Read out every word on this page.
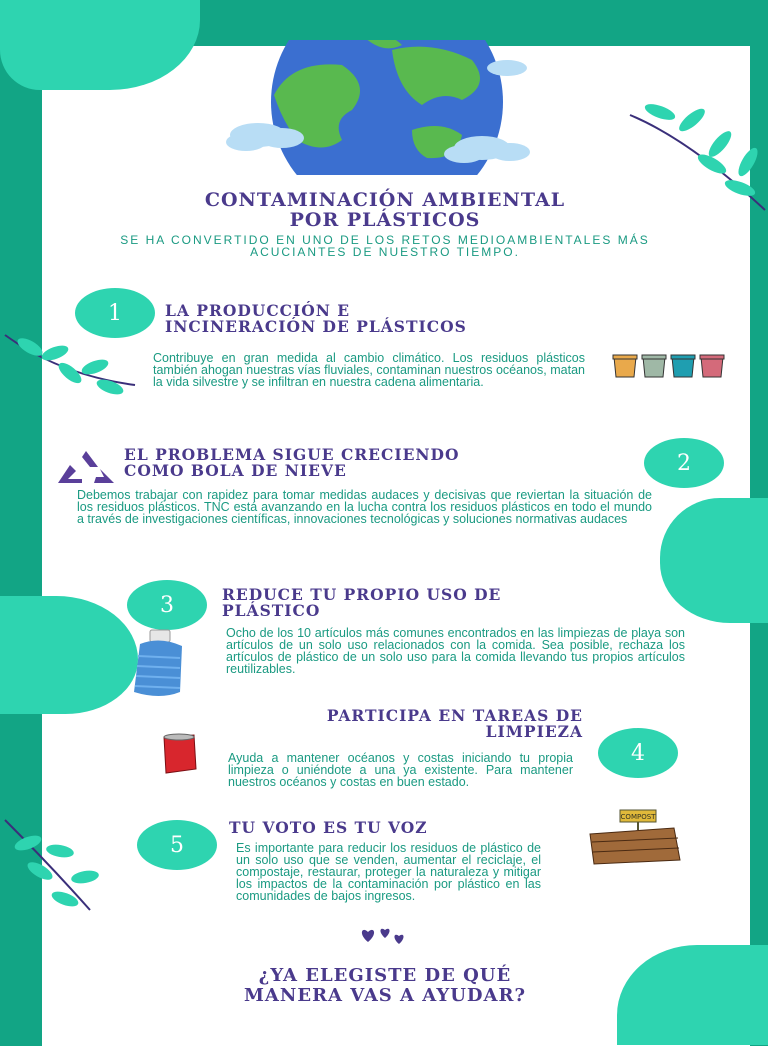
CONTAMINACIÓN AMBIENTAL
POR PLÁSTICOS

SE HA CONVERTIDO EN UNO DE LOS RETOS MEDIOAMBIENTALES MÁS ACUCIANTES DE NUESTRO TIEMPO.

1	LA PRODUCCIÓN E
INCINERACIÓN DE PLÁSTICOS

Contribuye en gran medida al cambio climático. Los residuos plásticos también ahogan nuestras vías fluviales, contaminan nuestros océanos, matan la vida silvestre y se infiltran en nuestra cadena alimentaria.

EL PROBLEMA SIGUE CRECIENDO
COMO BOLA DE NIEVE	2

Debemos trabajar con rapidez para tomar medidas audaces y decisivas que reviertan la situación de los residuos plásticos. TNC está avanzando en la lucha contra los residuos plásticos en todo el mundo a través de investigaciones científicas, innovaciones tecnológicas y soluciones normativas audaces

3	REDUCE TU PROPIO USO DE
PLÁSTICO

Ocho de los 10 artículos más comunes encontrados en las limpiezas de playa son artículos de un solo uso relacionados con la comida. Sea posible, rechaza los artículos de plástico de un solo uso para la comida llevando tus propios artículos reutilizables.

PARTICIPA EN TAREAS DE
LIMPIEZA
4

Ayuda a mantener océanos y costas iniciando tu propia limpieza o uniéndote a una ya existente. Para mantener nuestros océanos y costas en buen estado.

TU VOTO ES TU VOZ
5	Es importante para reducir los residuos de plástico de un solo uso que se venden, aumentar el reciclaje, el compostaje, restaurar, proteger la naturaleza y mitigar los impactos de la contaminación por plástico en las comunidades de bajos ingresos.

COMPOST
¿YA ELEGISTE DE QUÉ
MANERA VAS A AYUDAR?
